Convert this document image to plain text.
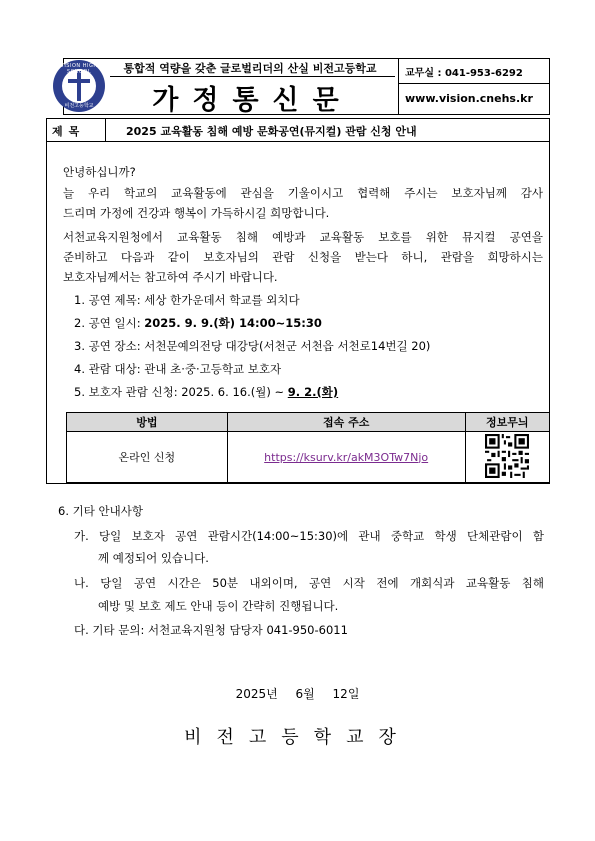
VISION HIGH SCHOOL
비전고등학교
통합적 역량을 갖춘 글로벌리더의 산실 비전고등학교
가정통신문
교무실 : 041-953-6292
www.vision.cnehs.kr
제목	2025 교육활동 침해 예방 문화공연(뮤지컬) 관람 신청 안내
안녕하십니까?
늘 우리 학교의 교육활동에 관심을 기울이시고 협력해 주시는 보호자님께 감사
드리며 가정에 건강과 행복이 가득하시길 희망합니다.
서천교육지원청에서 교육활동 침해 예방과 교육활동 보호를 위한 뮤지컬 공연을
준비하고 다음과 같이 보호자님의 관람 신청을 받는다 하니, 관람을 희망하시는
보호자님께서는 참고하여 주시기 바랍니다.
1. 공연 제목: 세상 한가운데서 학교를 외치다
2. 공연 일시: 2025. 9. 9.(화) 14:00~15:30
3. 공연 장소: 서천문예의전당 대강당(서천군 서천읍 서천로14번길 20)
4. 관람 대상: 관내 초·중·고등학교 보호자
5. 보호자 관람 신청: 2025. 6. 16.(월) ~ 9. 2.(화)
방법	접속 주소	정보무늬
온라인 신청	https://ksurv.kr/akM3OTw7Njo	
6. 기타 안내사항
가. 당일 보호자 공연 관람시간(14:00~15:30)에 관내 중학교 학생 단체관람이 함
께 예정되어 있습니다.
나. 당일 공연 시간은 50분 내외이며, 공연 시작 전에 개회식과 교육활동 침해
예방 및 보호 제도 안내 등이 간략히 진행됩니다.
다. 기타 문의: 서천교육지원청 담당자 041-950-6011
2025년 6월 12일
비전고등학교장
